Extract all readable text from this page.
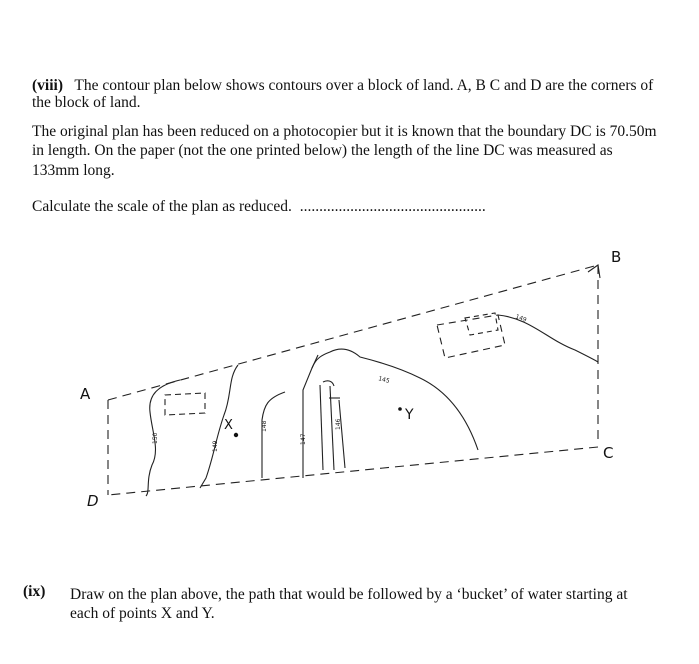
(viii) The contour plan below shows contours over a block of land. A, B C and D are the corners of

the block of land.

The original plan has been reduced on a photocopier but it is known that the boundary DC is 70.50m

in length. On the paper (not the one printed below) the length of the line DC was measured as

133mm long.

Calculate the scale of the plan as reduced. ................................................

150
149
148
147
146
149
145
A
B
C
D
X
Y

(ix) Draw on the plan above, the path that would be followed by a ‘bucket’ of water starting at

each of points X and Y.
